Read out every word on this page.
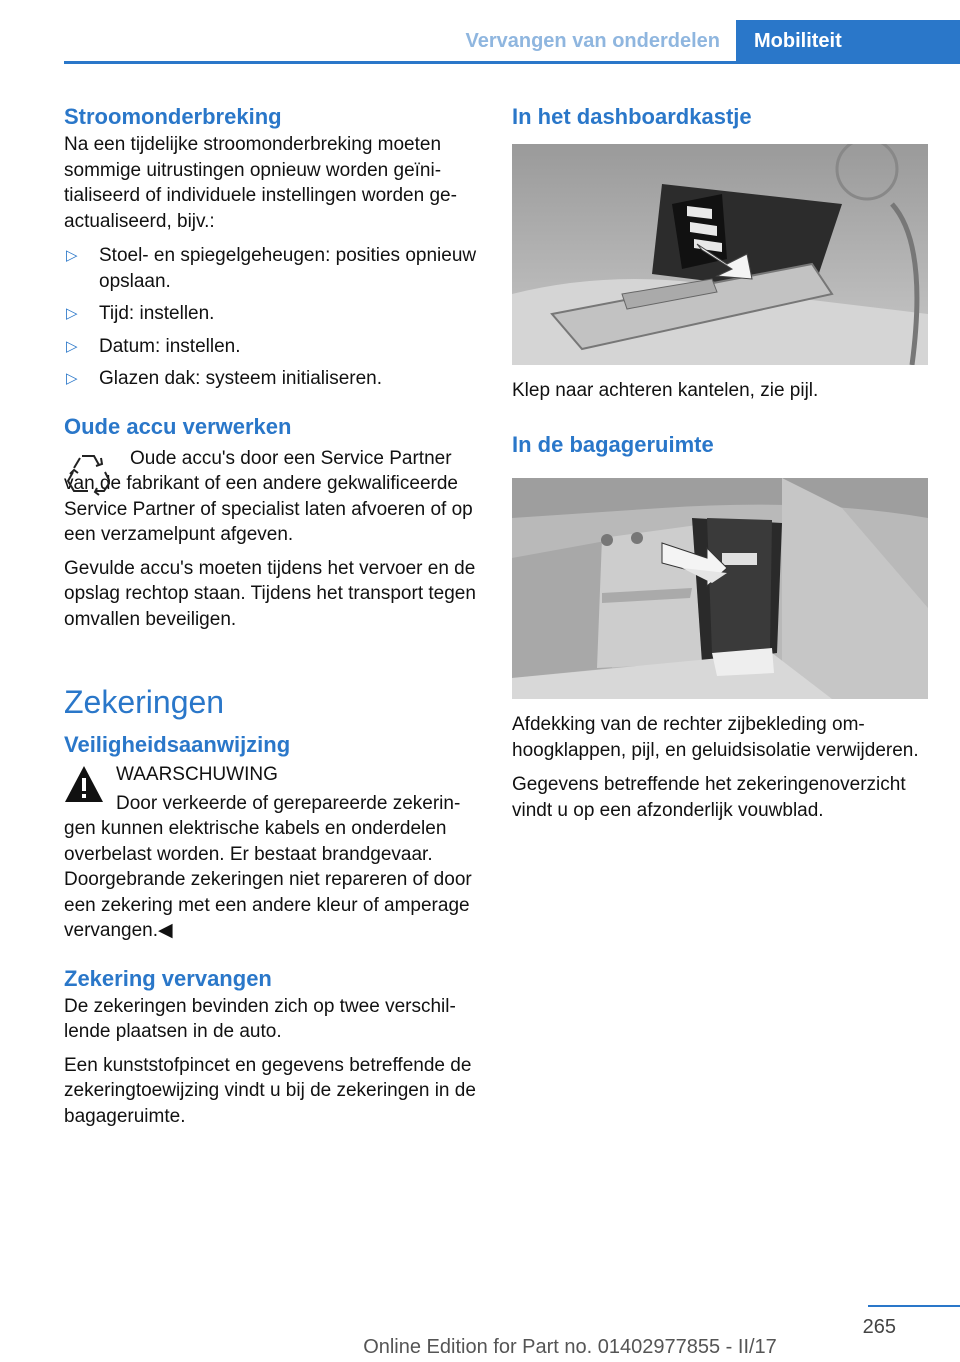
Vervangen van onderdelen Mobiliteit
Stroomonderbreking

Na een tijdelijke stroomonderbreking moeten sommige uitrustingen opnieuw worden geïnitialiseerd of individuele instellingen worden geactualiseerd, bijv.:

▷ Stoel- en spiegelgeheugen: posities opnieuw opslaan.
▷ Tijd: instellen.
▷ Datum: instellen.
▷ Glazen dak: systeem initialiseren.
Oude accu verwerken

Oude accu's door een Service Partner van de fabrikant of een andere gekwalificeerde Service Partner of specialist laten afvoeren of op een verzamelpunt afgeven.

Gevulde accu's moeten tijdens het vervoer en de opslag rechtop staan. Tijdens het transport tegen omvallen beveiligen.

Zekeringen
Veiligheidsaanwijzing

WAARSCHUWING

Door verkeerde of gerepareerde zekeringen kunnen elektrische kabels en onderdelen overbelast worden. Er bestaat brandgevaar. Doorgebrande zekeringen niet repareren of door een zekering met een andere kleur of amperage vervangen.◀

Zekering vervangen

De zekeringen bevinden zich op twee verschillende plaatsen in de auto.

Een kunststofpincet en gegevens betreffende de zekeringtoewijzing vindt u bij de zekeringen in de bagageruimte.

In het dashboardkastje

Klep naar achteren kantelen, zie pijl.

In de bagageruimte

Afdekking van de rechter zijbekleding omhoogklappen, pijl, en geluidsisolatie verwijderen.

Gegevens betreffende het zekeringenoverzicht vindt u op een afzonderlijk vouwblad.

265
Online Edition for Part no. 01402977855 - II/17
